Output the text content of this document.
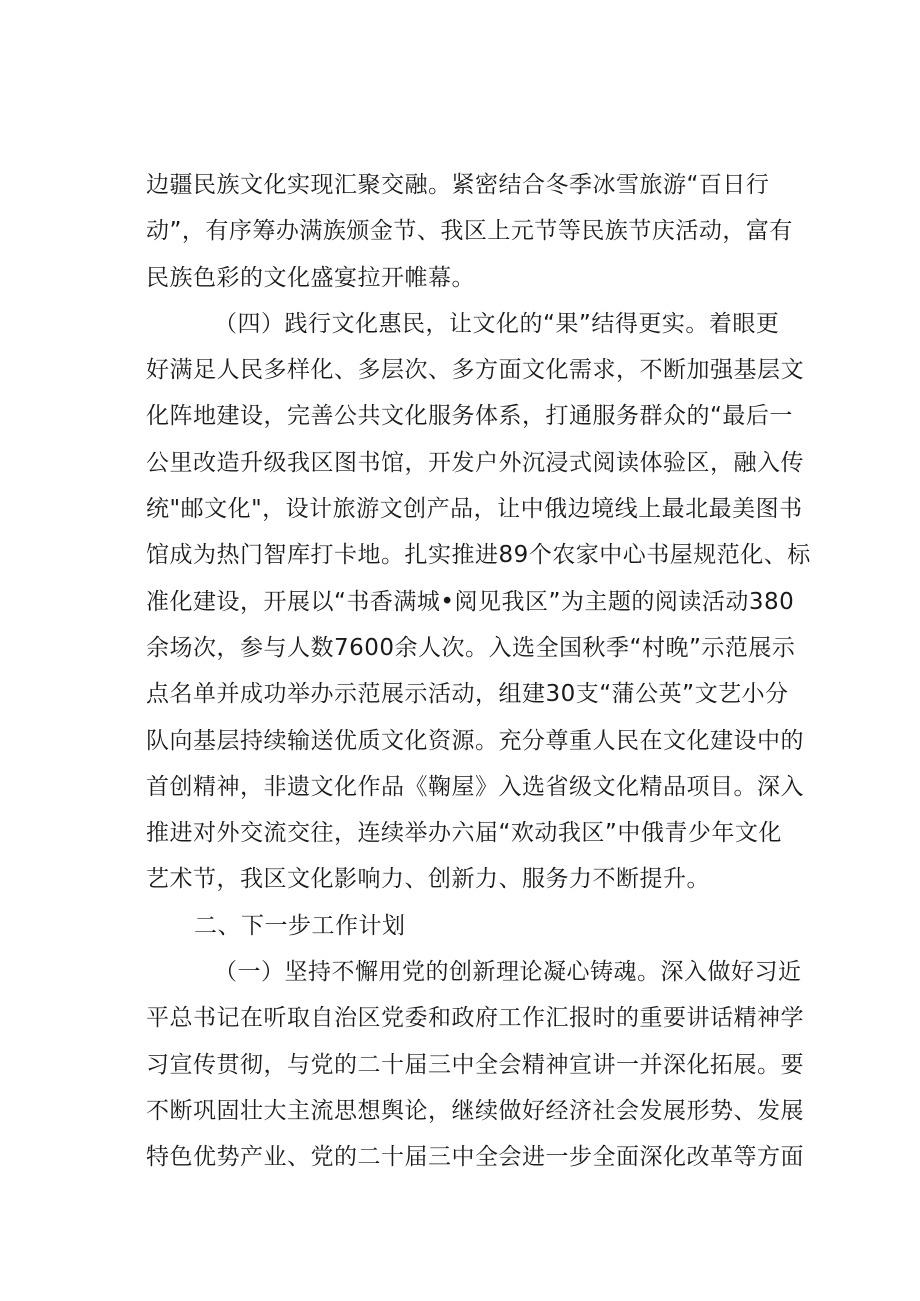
边疆民族文化实现汇聚交融。紧密结合冬季冰雪旅游“百日行
动”，有序筹办满族颁金节、我区上元节等民族节庆活动，富有
民族色彩的文化盛宴拉开帷幕。
（四）践行文化惠民，让文化的“果”结得更实。着眼更
好满足人民多样化、多层次、多方面文化需求，不断加强基层文
化阵地建设，完善公共文化服务体系，打通服务群众的“最后一
公里改造升级我区图书馆，开发户外沉浸式阅读体验区，融入传
统"邮文化"，设计旅游文创产品，让中俄边境线上最北最美图书
馆成为热门智库打卡地。扎实推进89个农家中心书屋规范化、标
准化建设，开展以“书香满城•阅见我区”为主题的阅读活动380
余场次，参与人数7600余人次。入选全国秋季“村晚”示范展示
点名单并成功举办示范展示活动，组建30支“蒲公英”文艺小分
队向基层持续输送优质文化资源。充分尊重人民在文化建设中的
首创精神，非遗文化作品《鞠屋》入选省级文化精品项目。深入
推进对外交流交往，连续举办六届“欢动我区”中俄青少年文化
艺术节，我区文化影响力、创新力、服务力不断提升。
二、下一步工作计划
（一）坚持不懈用党的创新理论凝心铸魂。深入做好习近
平总书记在听取自治区党委和政府工作汇报时的重要讲话精神学
习宣传贯彻，与党的二十届三中全会精神宣讲一并深化拓展。要
不断巩固壮大主流思想舆论，继续做好经济社会发展形势、发展
特色优势产业、党的二十届三中全会进一步全面深化改革等方面
